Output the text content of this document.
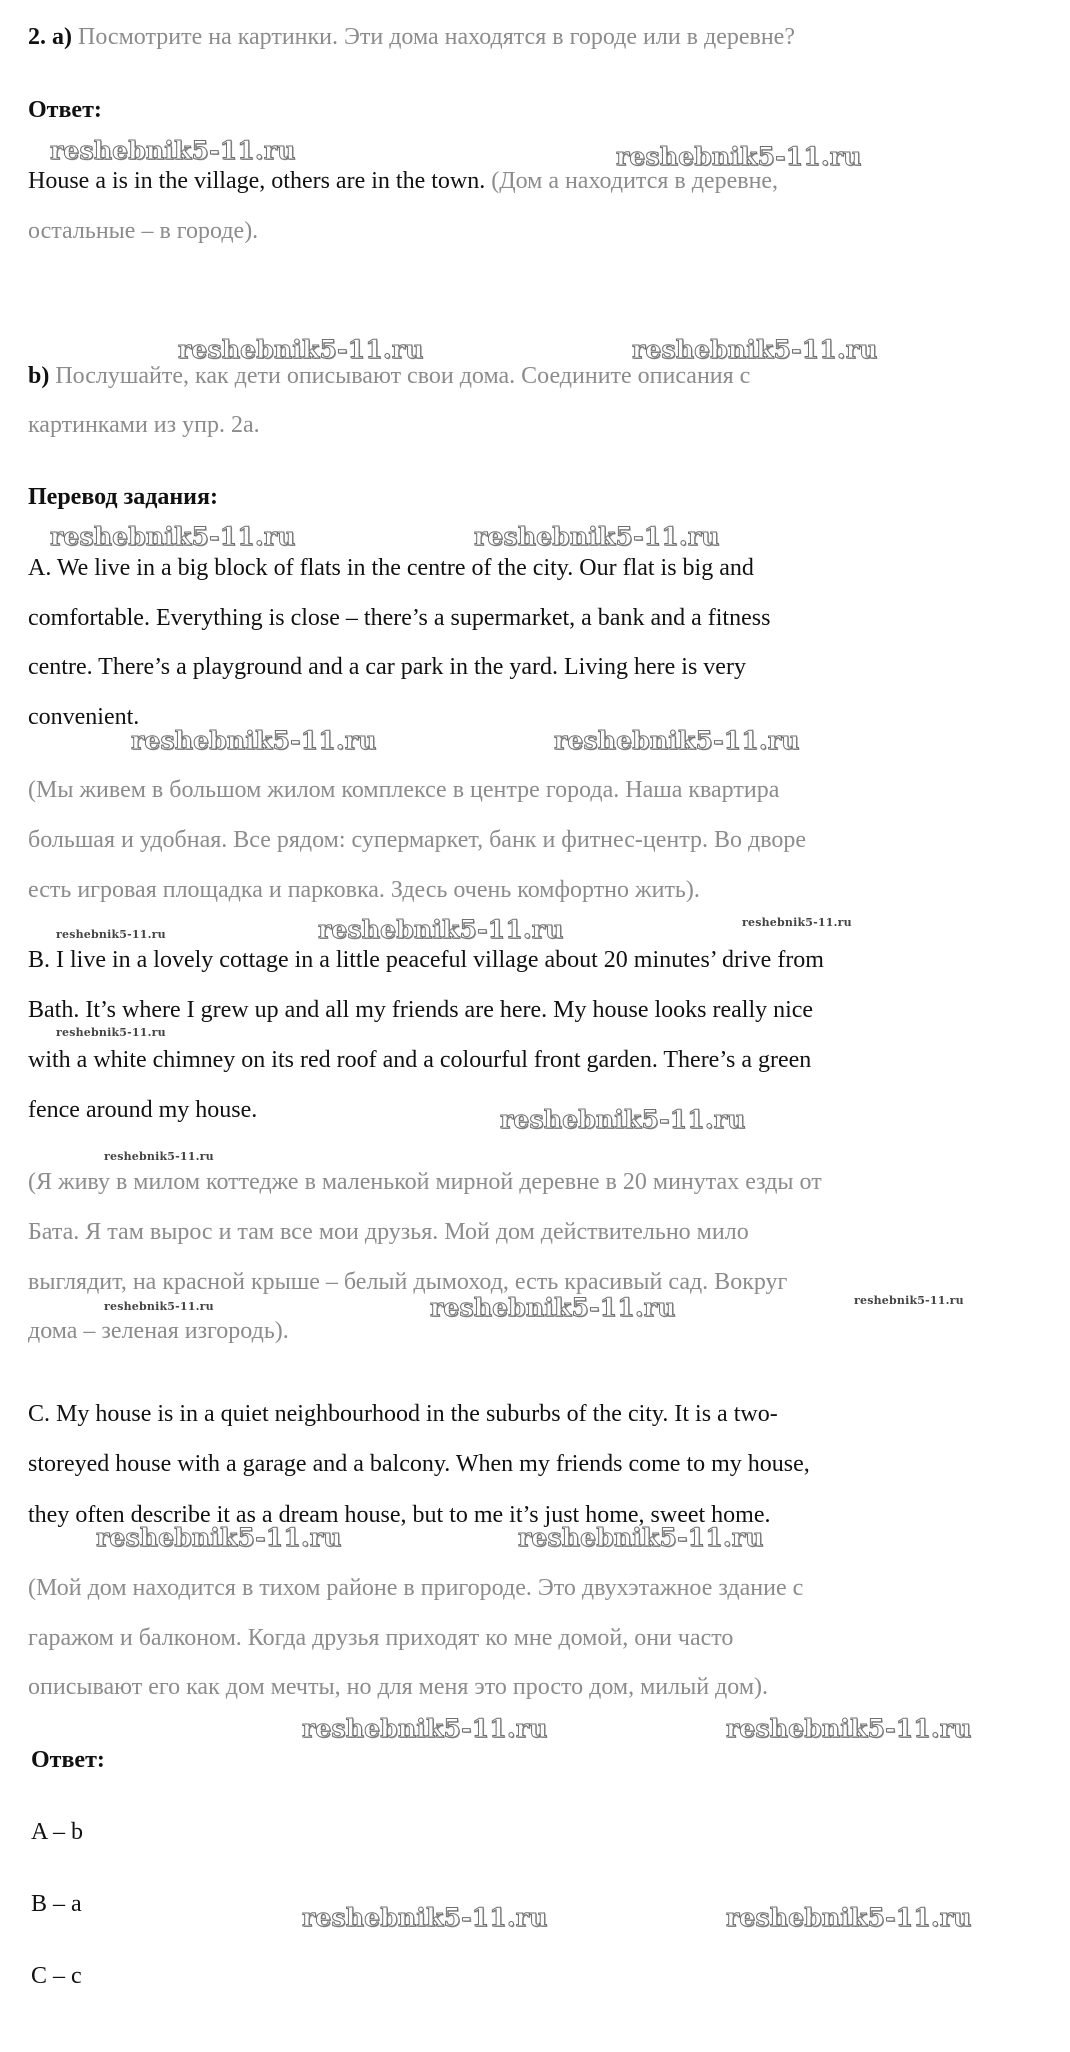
2. a) Посмотрите на картинки. Эти дома находятся в городе или в деревне?

Ответ:

House a is in the village, others are in the town. (Дом a находится в деревне,

остальные – в городе).

b) Послушайте, как дети описывают свои дома. Соедините описания с

картинками из упр. 2a.

Перевод задания:

A. We live in a big block of flats in the centre of the city. Our flat is big and

comfortable. Everything is close – there’s a supermarket, a bank and a fitness

centre. There’s a playground and a car park in the yard. Living here is very

convenient.

(Мы живем в большом жилом комплексе в центре города. Наша квартира

большая и удобная. Все рядом: супермаркет, банк и фитнес-центр. Во дворе

есть игровая площадка и парковка. Здесь очень комфортно жить).

B. I live in a lovely cottage in a little peaceful village about 20 minutes’ drive from

Bath. It’s where I grew up and all my friends are here. My house looks really nice

with a white chimney on its red roof and a colourful front garden. There’s a green

fence around my house.

(Я живу в милом коттедже в маленькой мирной деревне в 20 минутах езды от

Бата. Я там вырос и там все мои друзья. Мой дом действительно мило

выглядит, на красной крыше – белый дымоход, есть красивый сад. Вокруг

дома – зеленая изгородь).

C. My house is in a quiet neighbourhood in the suburbs of the city. It is a two-

storeyed house with a garage and a balcony. When my friends come to my house,

they often describe it as a dream house, but to me it’s just home, sweet home.

(Мой дом находится в тихом районе в пригороде. Это двухэтажное здание с

гаражом и балконом. Когда друзья приходят ко мне домой, они часто

описывают его как дом мечты, но для меня это просто дом, милый дом).

Ответ:

A – b

B – a

C – c

reshebnik5-11.ru	reshebnik5-11.ru

reshebnik5-11.ru	reshebnik5-11.ru

reshebnik5-11.ru	reshebnik5-11.ru

reshebnik5-11.ru	reshebnik5-11.ru

reshebnik5-11.ru

reshebnik5-11.ru

reshebnik5-11.ru

reshebnik5-11.ru	reshebnik5-11.ru

reshebnik5-11.ru	reshebnik5-11.ru

reshebnik5-11.ru	reshebnik5-11.ru

reshebnik5-11.ru

reshebnik5-11.ru

reshebnik5-11.ru

reshebnik5-11.ru

reshebnik5-11.ru	reshebnik5-11.ru
